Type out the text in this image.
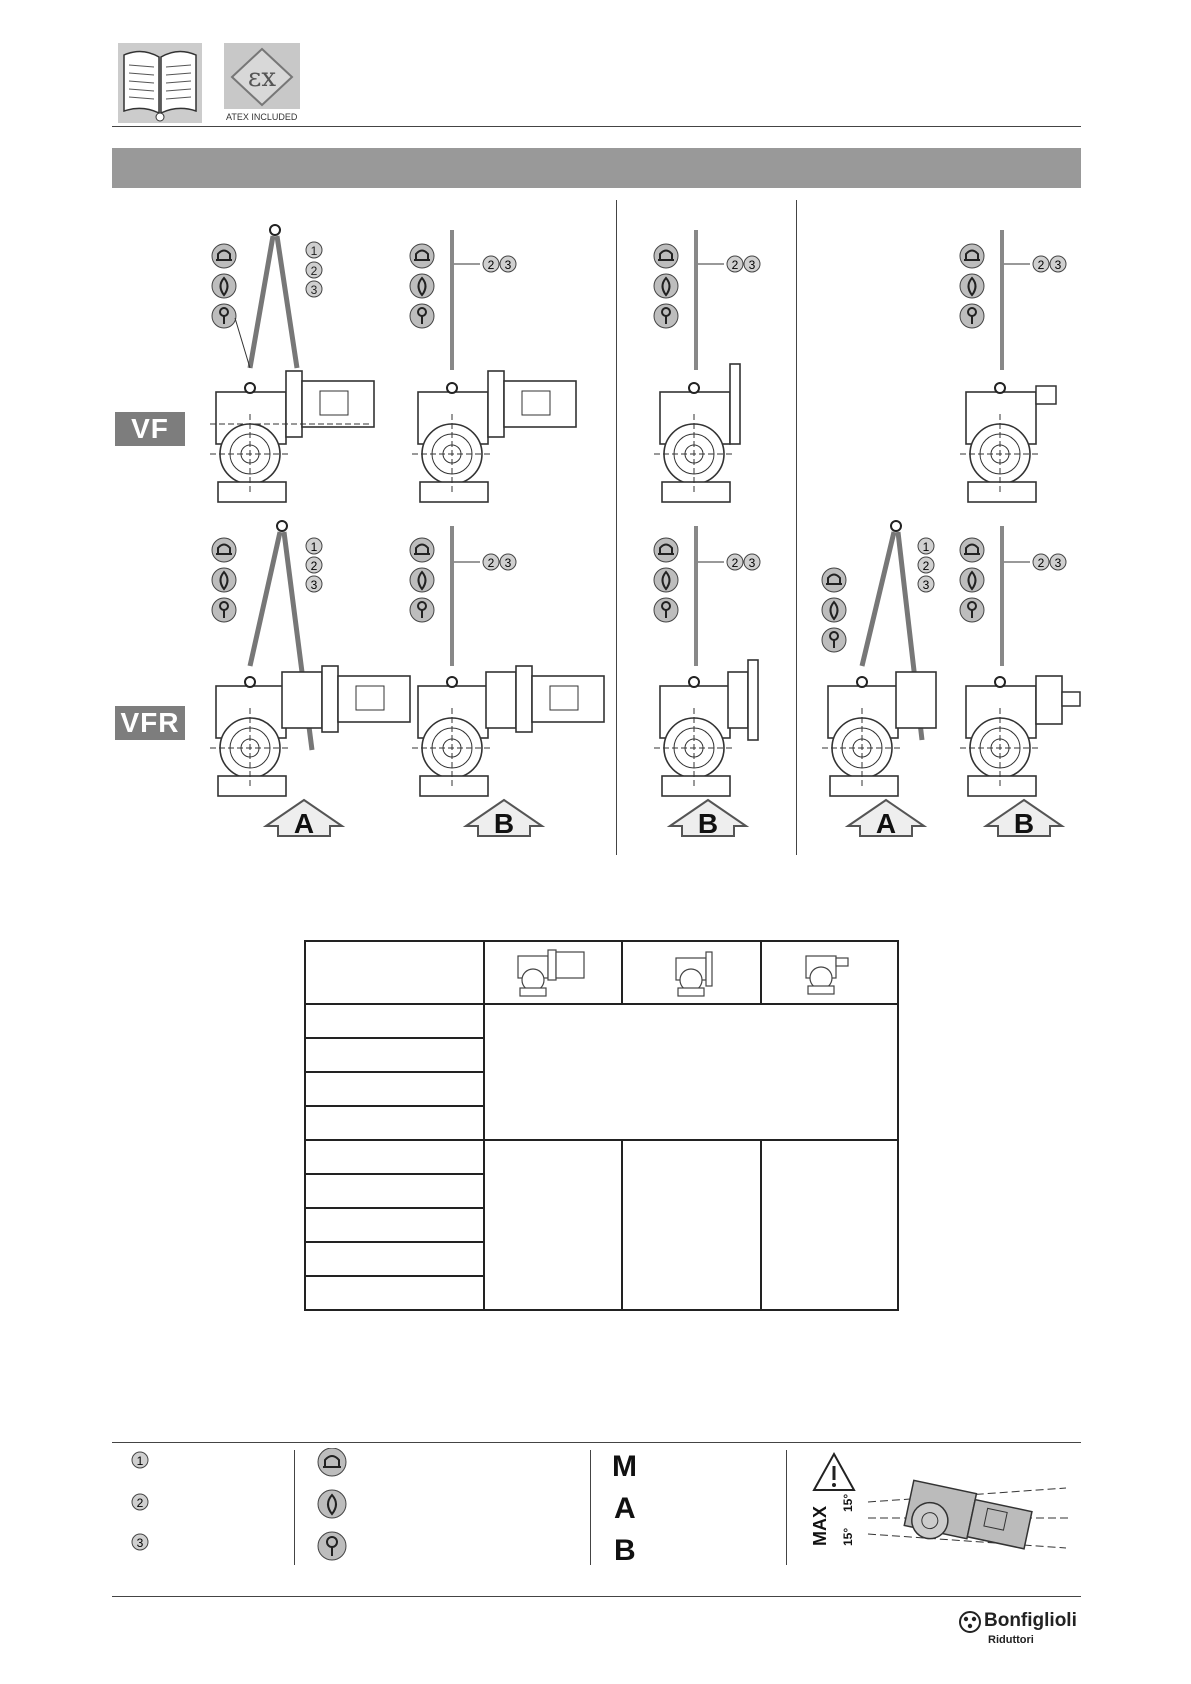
εx
ATEX INCLUDED
VF
VFR
1
2
3
2 3	2 3	2 3
1
2
3
2 3	2 3
1
2
3
2 3
A	B	B	A	B
1
2
3
M
A
B
MAX 15°
15°
Bonfiglioli
Riduttori
